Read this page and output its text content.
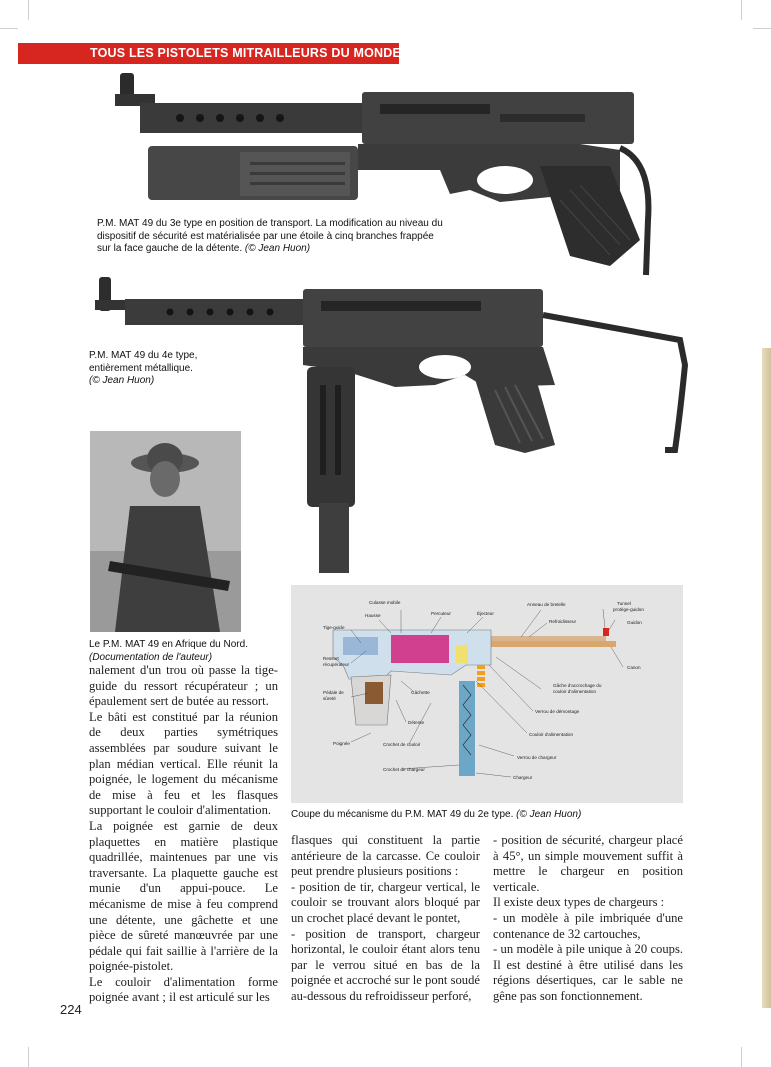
TOUS LES PISTOLETS MITRAILLEURS DU MONDE
P.M. MAT 49 du 3e type en position de transport. La modification au niveau du dispositif de sécurité est matérialisée par une étoile à cinq branches frappée sur la face gauche de la détente. (© Jean Huon)
P.M. MAT 49 du 4e type,
entièrement métallique.
(© Jean Huon)
Le P.M. MAT 49 en Afrique du Nord.
(Documentation de l'auteur)
Culasse mobile
Hausse	Percuteur	Éjecteur
Anneau de bretelle	Tunnel
protège-guidon
Refroidisseur	Guidon
Tige-guide
Ressort
récupérateur
Canon
Pédale de
sûreté
Gâchette
Gâche d'accrochage du
couloir d'alimentation
Verrou de démontage
Détente
Couloir d'alimentation
Poignée	Crochet de couloir
Verrou de chargeur
Crochet de chargeur
Chargeur
Coupe du mécanisme du P.M. MAT 49 du 2e type. (© Jean Huon)

nalement d'un trou où passe la tige-guide du ressort récupérateur ; un épaulement sert de butée au ressort.

Le bâti est constitué par la réunion de deux parties symétriques assemblées par soudure suivant le plan médian vertical. Elle réunit la poignée, le logement du mécanisme de mise à feu et les flasques supportant le couloir d'alimentation.

La poignée est garnie de deux plaquettes en matière plastique quadrillée, maintenues par une vis traversante. La plaquette gauche est munie d'un appui-pouce. Le mécanisme de mise à feu comprend une détente, une gâchette et une pièce de sûreté manœuvrée par une pédale qui fait saillie à l'arrière de la poignée-pistolet.

Le couloir d'alimentation forme poignée avant ; il est articulé sur les

flasques qui constituent la partie antérieure de la carcasse. Ce couloir peut prendre plusieurs positions :

- position de tir, chargeur vertical, le couloir se trouvant alors bloqué par un crochet placé devant le pontet,

- position de transport, chargeur horizontal, le couloir étant alors tenu par le verrou situé en bas de la poignée et accroché sur le pont soudé au-dessous du refroidisseur perforé,

- position de sécurité, chargeur placé à 45°, un simple mouvement suffit à mettre le chargeur en position verticale.

Il existe deux types de chargeurs :

- un modèle à pile imbriquée d'une contenance de 32 cartouches,

- un modèle à pile unique à 20 coups. Il est destiné à être utilisé dans les régions désertiques, car le sable ne gêne pas son fonctionnement.

224
